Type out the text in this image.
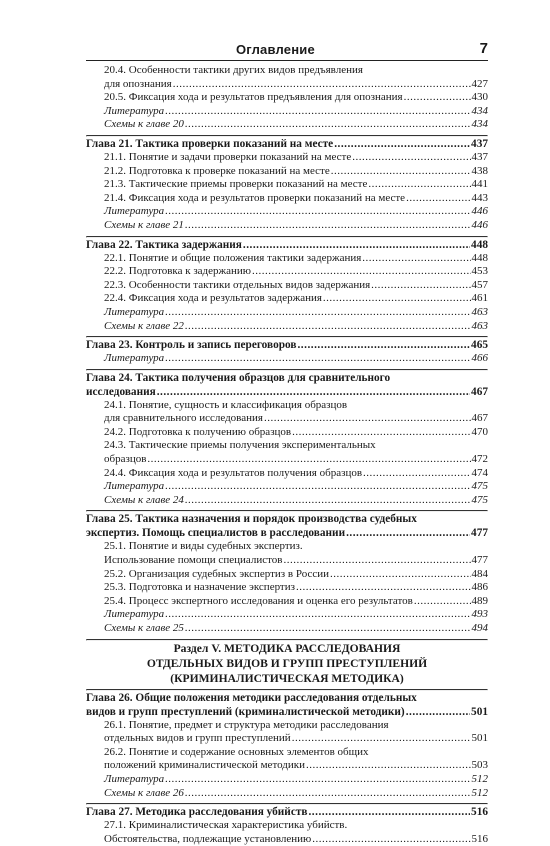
Оглавление	7
20.4. Особенности тактики других видов предъявления
для опознания .....	427
20.5. Фиксация хода и результатов предъявления для опознания .....	430
Литература .....	434
Схемы к главе 20 .....	434
Глава 21. Тактика проверки показаний на месте .....	437
21.1. Понятие и задачи проверки показаний на месте .....	437
21.2. Подготовка к проверке показаний на месте .....	438
21.3. Тактические приемы проверки показаний на месте .....	441
21.4. Фиксация хода и результатов проверки показаний на месте .....	443
Литература .....	446
Схемы к главе 21 .....	446
Глава 22. Тактика задержания .....	448
22.1. Понятие и общие положения тактики задержания .....	448
22.2. Подготовка к задержанию .....	453
22.3. Особенности тактики отдельных видов задержания .....	457
22.4. Фиксация хода и результатов задержания .....	461
Литература .....	463
Схемы к главе 22 .....	463
Глава 23. Контроль и запись переговоров .....	465
Литература .....	466
Глава 24. Тактика получения образцов для сравнительного
исследования .....	467
24.1. Понятие, сущность и классификация образцов
для сравнительного исследования .....	467
24.2. Подготовка к получению образцов .....	470
24.3. Тактические приемы получения экспериментальных
образцов .....	472
24.4. Фиксация хода и результатов получения образцов .....	474
Литература .....	475
Схемы к главе 24 .....	475
Глава 25. Тактика назначения и порядок производства судебных
экспертиз. Помощь специалистов в расследовании .....	477
25.1. Понятие и виды судебных экспертиз.
Использование помощи специалистов .....	477
25.2. Организация судебных экспертиз в России .....	484
25.3. Подготовка и назначение экспертиз .....	486
25.4. Процесс экспертного исследования и оценка его результатов .....	489
Литература .....	493
Схемы к главе 25 .....	494
Раздел V. МЕТОДИКА РАССЛЕДОВАНИЯ
ОТДЕЛЬНЫХ ВИДОВ И ГРУПП ПРЕСТУПЛЕНИЙ
(КРИМИНАЛИСТИЧЕСКАЯ МЕТОДИКА)
Глава 26. Общие положения методики расследования отдельных
видов и групп преступлений (криминалистической методики) .....	501
26.1. Понятие, предмет и структура методики расследования
отдельных видов и групп преступлений .....	501
26.2. Понятие и содержание основных элементов общих
положений криминалистической методики .....	503
Литература .....	512
Схемы к главе 26 .....	512
Глава 27. Методика расследования убийств .....	516
27.1. Криминалистическая характеристика убийств.
Обстоятельства, подлежащие установлению .....	516
